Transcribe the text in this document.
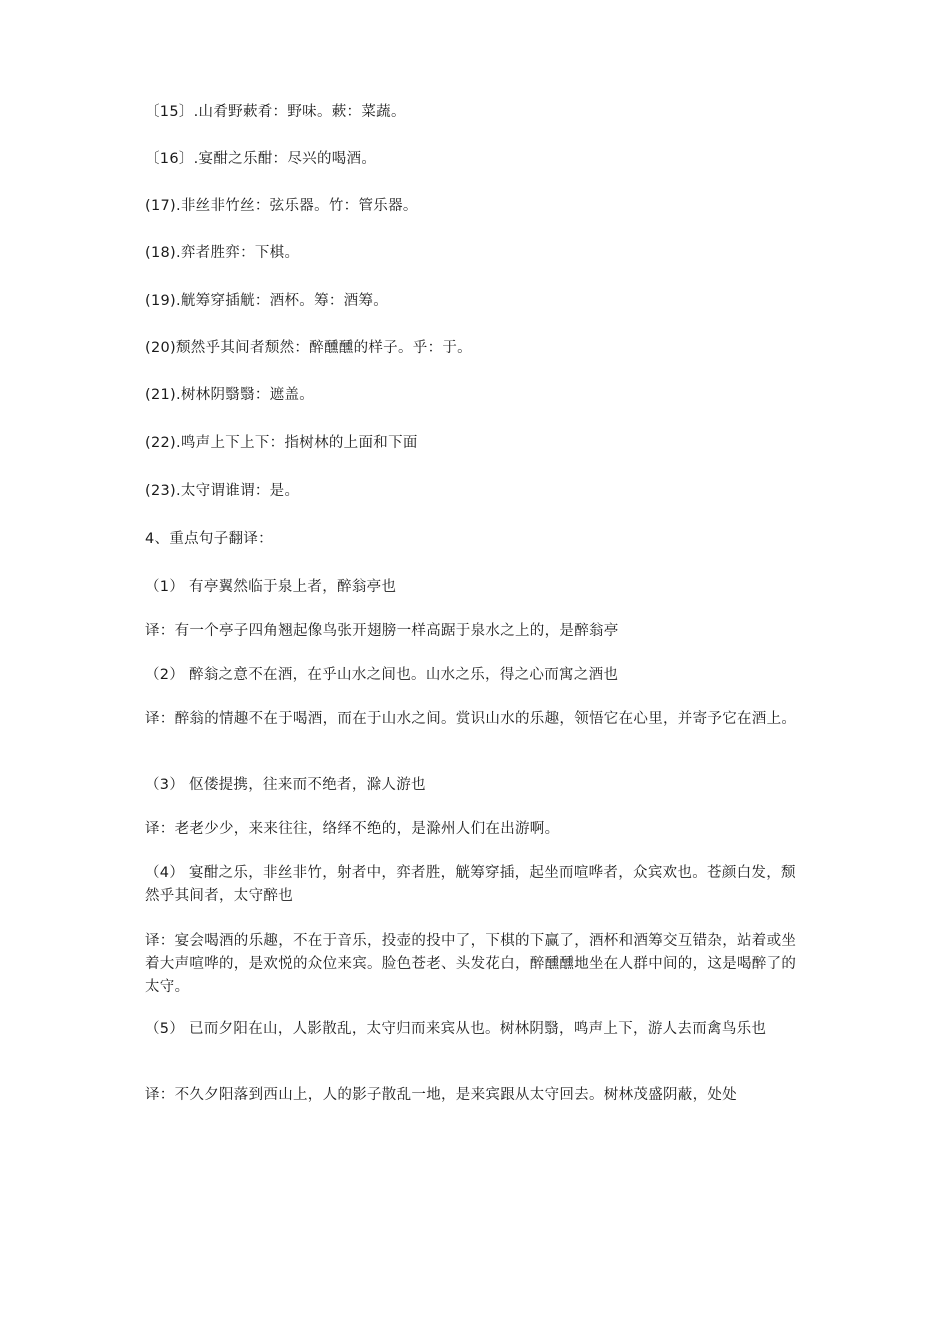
〔15〕.山肴野蔌肴：野味。蔌：菜蔬。
〔16〕.宴酣之乐酣：尽兴的喝酒。
(17).非丝非竹丝：弦乐器。竹：管乐器。
(18).弈者胜弈：下棋。
(19).觥筹穿插觥：酒杯。筹：酒筹。
(20)颓然乎其间者颓然：醉醺醺的样子。乎：于。
(21).树林阴翳翳：遮盖。
(22).鸣声上下上下：指树林的上面和下面
(23).太守谓谁谓：是。
4、重点句子翻译：
（1） 有亭翼然临于泉上者，醉翁亭也
译：有一个亭子四角翘起像鸟张开翅膀一样高踞于泉水之上的，是醉翁亭
（2） 醉翁之意不在酒，在乎山水之间也。山水之乐，得之心而寓之酒也
译：醉翁的情趣不在于喝酒，而在于山水之间。赏识山水的乐趣，领悟它在心里，并寄予它在酒上。
（3） 伛偻提携，往来而不绝者，滁人游也
译：老老少少，来来往往，络绎不绝的，是滁州人们在出游啊。
（4） 宴酣之乐，非丝非竹，射者中，弈者胜，觥筹穿插，起坐而喧哗者，众宾欢也。苍颜白发，颓然乎其间者，太守醉也
译：宴会喝酒的乐趣，不在于音乐，投壶的投中了，下棋的下赢了，酒杯和酒筹交互错杂，站着或坐着大声喧哗的，是欢悦的众位来宾。脸色苍老、头发花白，醉醺醺地坐在人群中间的，这是喝醉了的太守。
（5） 已而夕阳在山，人影散乱，太守归而来宾从也。树林阴翳，鸣声上下，游人去而禽鸟乐也
译：不久夕阳落到西山上，人的影子散乱一地，是来宾跟从太守回去。树林茂盛阴蔽，处处
